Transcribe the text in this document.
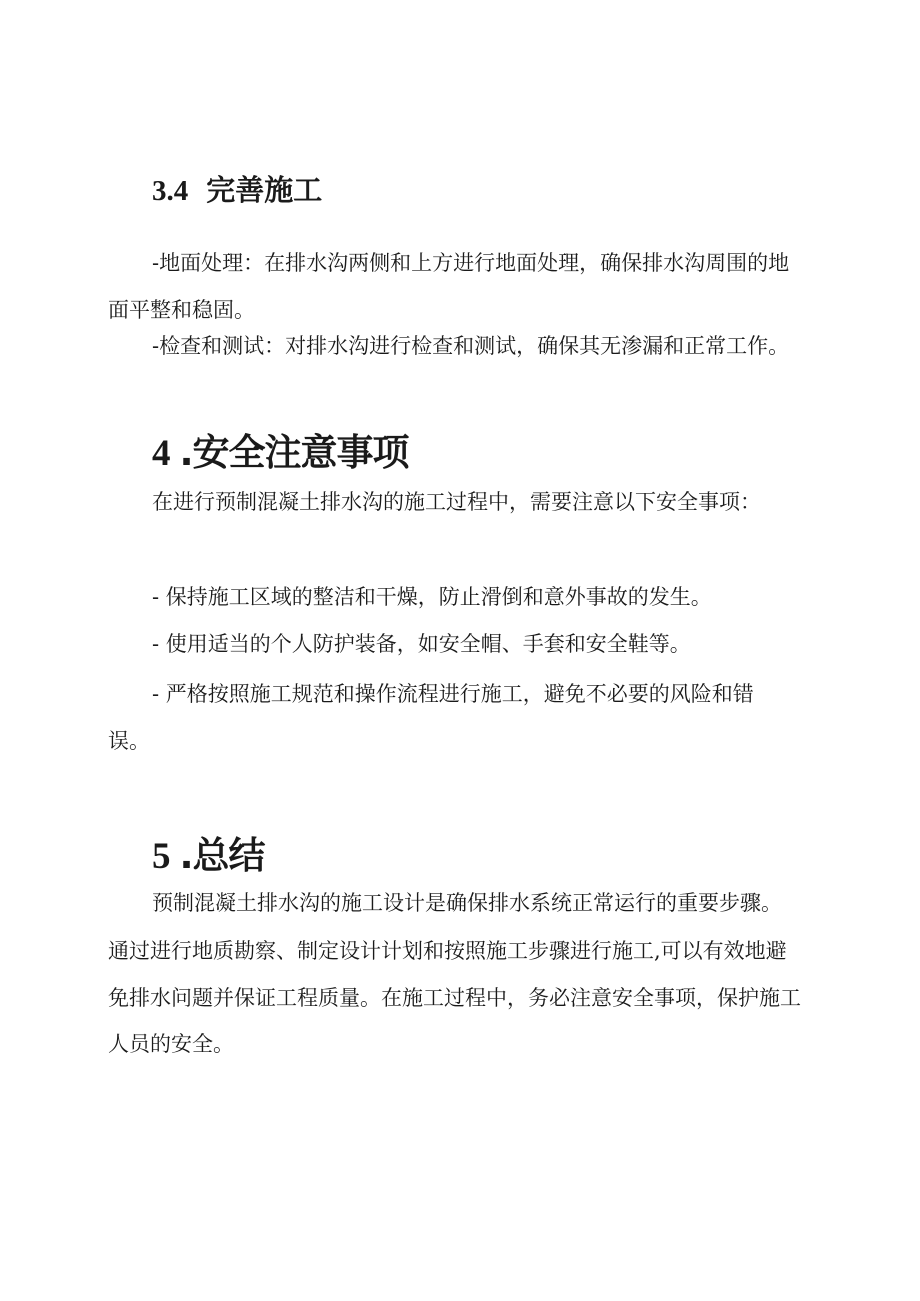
3.4 完善施工
-地面处理：在排水沟两侧和上方进行地面处理，确保排水沟周围的地
面平整和稳固。
-检查和测试：对排水沟进行检查和测试，确保其无渗漏和正常工作。
4 .安全注意事项
在进行预制混凝土排水沟的施工过程中，需要注意以下安全事项：
- 保持施工区域的整洁和干燥，防止滑倒和意外事故的发生。
- 使用适当的个人防护装备，如安全帽、手套和安全鞋等。
- 严格按照施工规范和操作流程进行施工，避免不必要的风险和错
误。
5 .总结
预制混凝土排水沟的施工设计是确保排水系统正常运行的重要步骤。
通过进行地质勘察、制定设计计划和按照施工步骤进行施工,可以有效地避
免排水问题并保证工程质量。在施工过程中，务必注意安全事项，保护施工
人员的安全。
